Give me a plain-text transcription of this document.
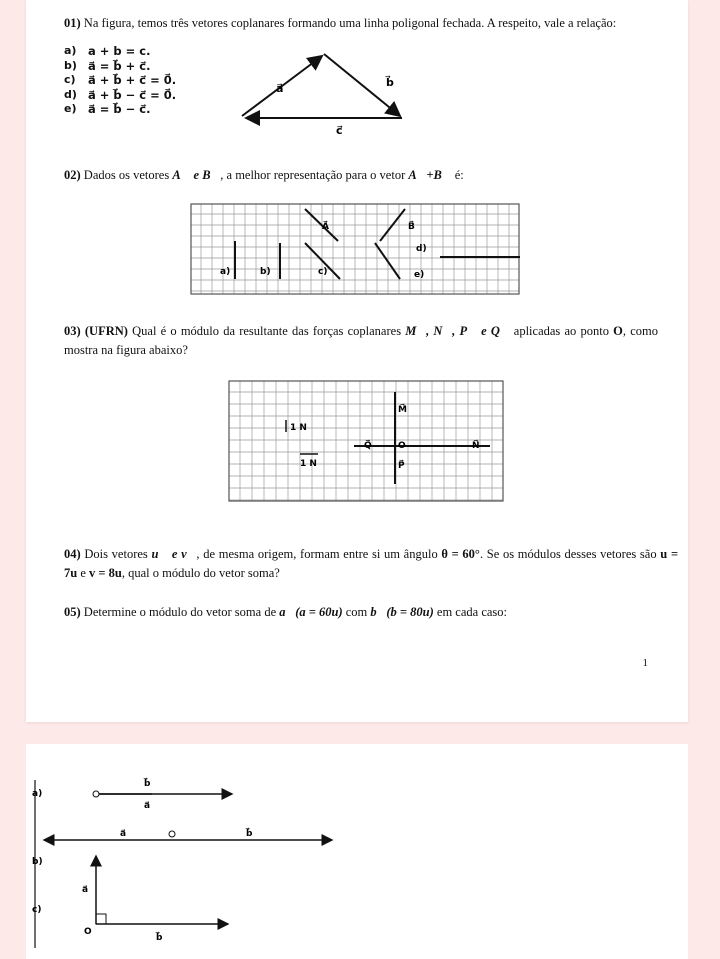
01) Na figura, temos três vetores coplanares formando uma linha poligonal fechada. A respeito, vale a relação:
a)	a + b = c.
b) a⃗ = b⃗ + c⃗.
c)	a⃗ + b⃗ + c⃗ = 0⃗.
d) a⃗ + b⃗ − c⃗ = 0⃗.
e)	a⃗ = b⃗ − c⃗.
a⃗	b⃗
c⃗
02) Dados os vetores A⃗ e B⃗, a melhor representação para o vetor A⃗+B⃗ é:
A⃗	B⃗
d)
a)	b)	c)	e)
03) (UFRN) Qual é o módulo da resultante das forças coplanares M⃗, N⃗, P⃗ e Q⃗ aplicadas ao ponto O, como mostra na figura abaixo?
M⃗
N⃗
P⃗
Q⃗	O
1 N
1 N
04) Dois vetores u⃗ e v⃗, de mesma origem, formam entre si um ângulo θ = 60°. Se os módulos desses vetores são u = 7u e v = 8u, qual o módulo do vetor soma?
05) Determine o módulo do vetor soma de a⃗(a = 60u) com b⃗(b = 80u) em cada caso:
1
a)
b⃗
a⃗
b)
a⃗	b⃗
c)
a⃗
b⃗
O
